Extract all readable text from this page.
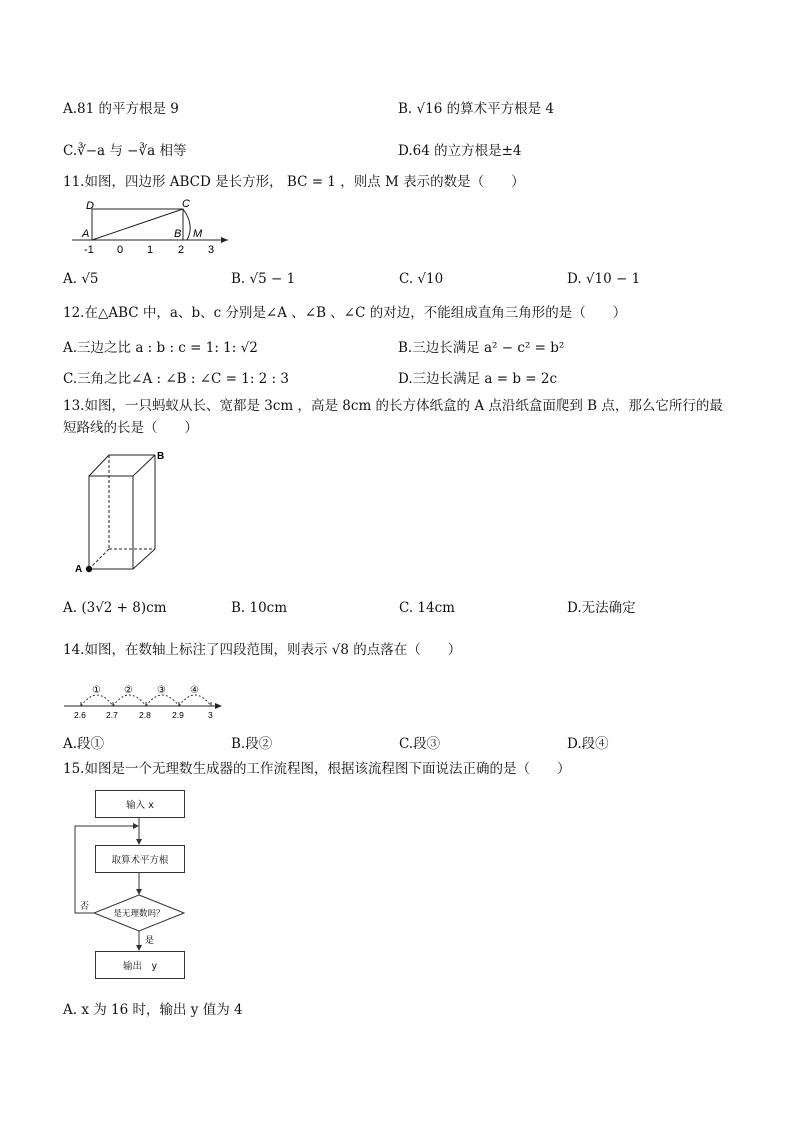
A.81 的平方根是 9	B. √16 的算术平方根是 4
C.∛−a 与 −∛a 相等	D.64 的立方根是±4
11.如图，四边形 ABCD 是长方形， BC = 1 ，则点 M 表示的数是（　　）
D	C
A	B M
-1 0 1 2 3
A. √5	B. √5 − 1	C. √10	D. √10 − 1
12.在△ABC 中，a、b、c 分别是∠A 、∠B 、∠C 的对边，不能组成直角三角形的是（　　）
A.三边之比 a : b : c = 1: 1: √2	B.三边长满足 a² − c² = b²
C.三角之比∠A : ∠B : ∠C = 1: 2 : 3	D.三边长满足 a = b = 2c
13.如图，一只蚂蚁从长、宽都是 3cm ，高是 8cm 的长方体纸盒的 A 点沿纸盒面爬到 B 点，那么它所行的最
短路线的长是（　　）
B
A
A. (3√2 + 8)cm	B. 10cm	C. 14cm	D.无法确定
14.如图，在数轴上标注了四段范围，则表示 √8 的点落在（　　）
① ② ③ ④
2.6 2.7 2.8 2.9	3
A.段①	B.段②	C.段③	D.段④
15.如图是一个无理数生成器的工作流程图，根据该流程图下面说法正确的是（　　）
否
是
是无理数吗？
输入 x
取算术平方根
输出　y
A. x 为 16 时，输出 y 值为 4
